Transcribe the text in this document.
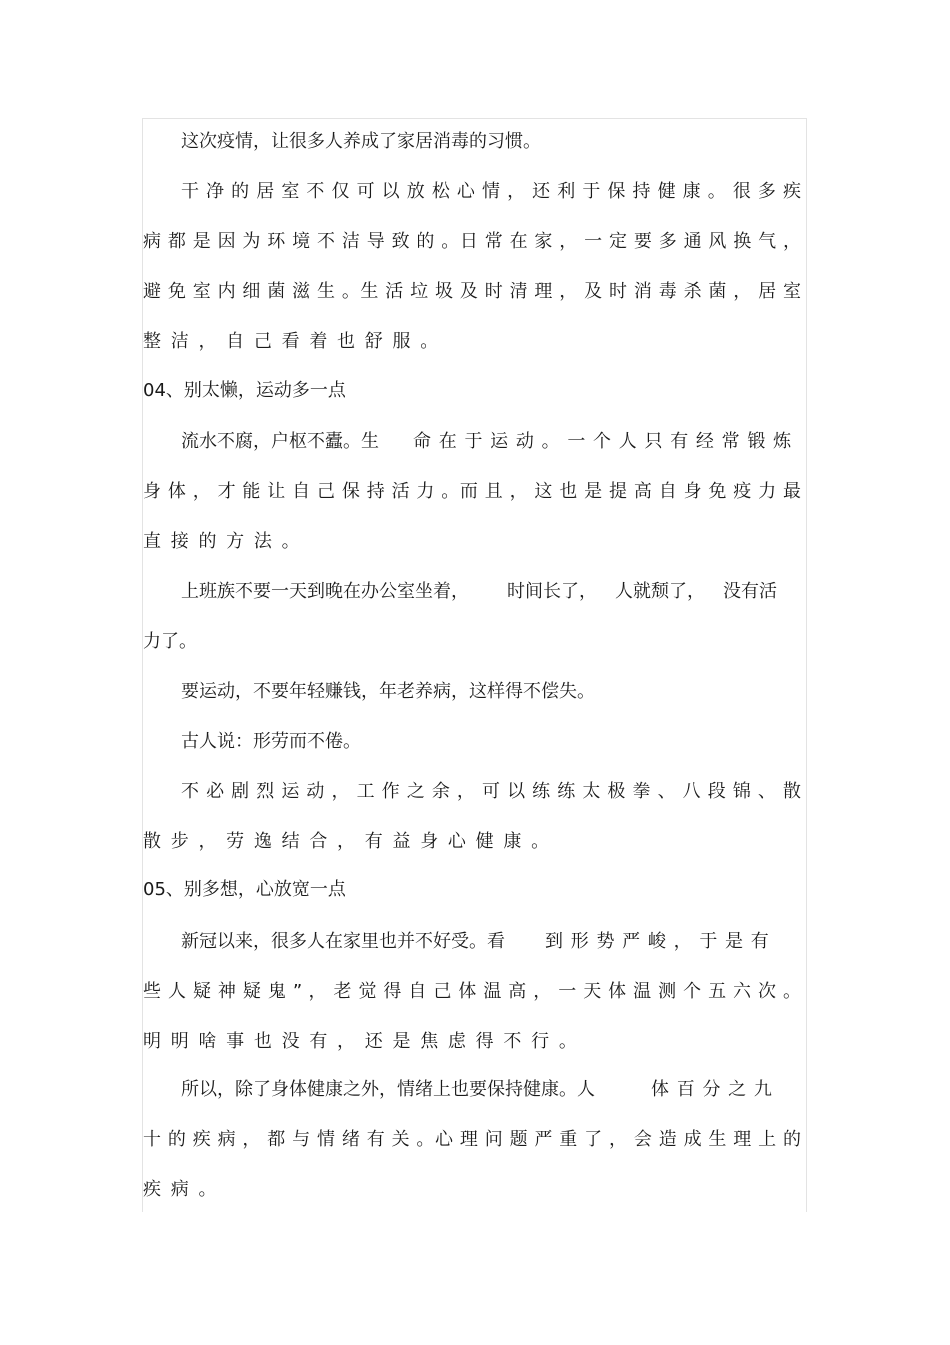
这次疫情，让很多人养成了家居消毒的习惯。
干 净 的 居 室 不 仅 可 以 放 松 心 情 ， 还 利 于 保 持 健 康 。 很 多 疾
病 都 是 因 为 环 境 不 洁 导 致 的 。日 常 在 家 ， 一 定 要 多 通 风 换 气 ，
避 免 室 内 细 菌 滋 生 。生 活 垃 圾 及 时 清 理 ， 及 时 消 毒 杀 菌 ， 居 室
整 洁 ， 自 己 看 着 也 舒 服 。
04、别太懒，运动多一点
流水不腐，户枢不蠹。生 命 在 于 运 动 。 一 个 人 只 有 经 常 锻 炼
身 体 ， 才 能 让 自 己 保 持 活 力 。而 且 ， 这 也 是 提 高 自 身 免 疫 力 最
直 接 的 方 法 。
上班族不要一天到晚在办公室坐着， 时间长了， 人就颓了， 没有活
力了。
要运动，不要年轻赚钱，年老养病，这样得不偿失。
古人说：形劳而不倦。
不 必 剧 烈 运 动 ， 工 作 之 余 ， 可 以 练 练 太 极 拳 、 八 段 锦 、 散
散 步 ， 劳 逸 结 合 ， 有 益 身 心 健 康 。
05、别多想，心放宽一点
新冠以来，很多人在家里也并不好受。看 到 形 势 严 峻 ， 于 是 有
些 人 疑 神 疑 鬼 ” ， 老 觉 得 自 己 体 温 高 ， 一 天 体 温 测 个 五 六 次 。
明 明 啥 事 也 没 有 ， 还 是 焦 虑 得 不 行 。
所以，除了身体健康之外，情绪上也要保持健康。人	体 百 分 之 九
十 的 疾 病 ， 都 与 情 绪 有 关 。心 理 问 题 严 重 了 ， 会 造 成 生 理 上 的
疾 病 。
